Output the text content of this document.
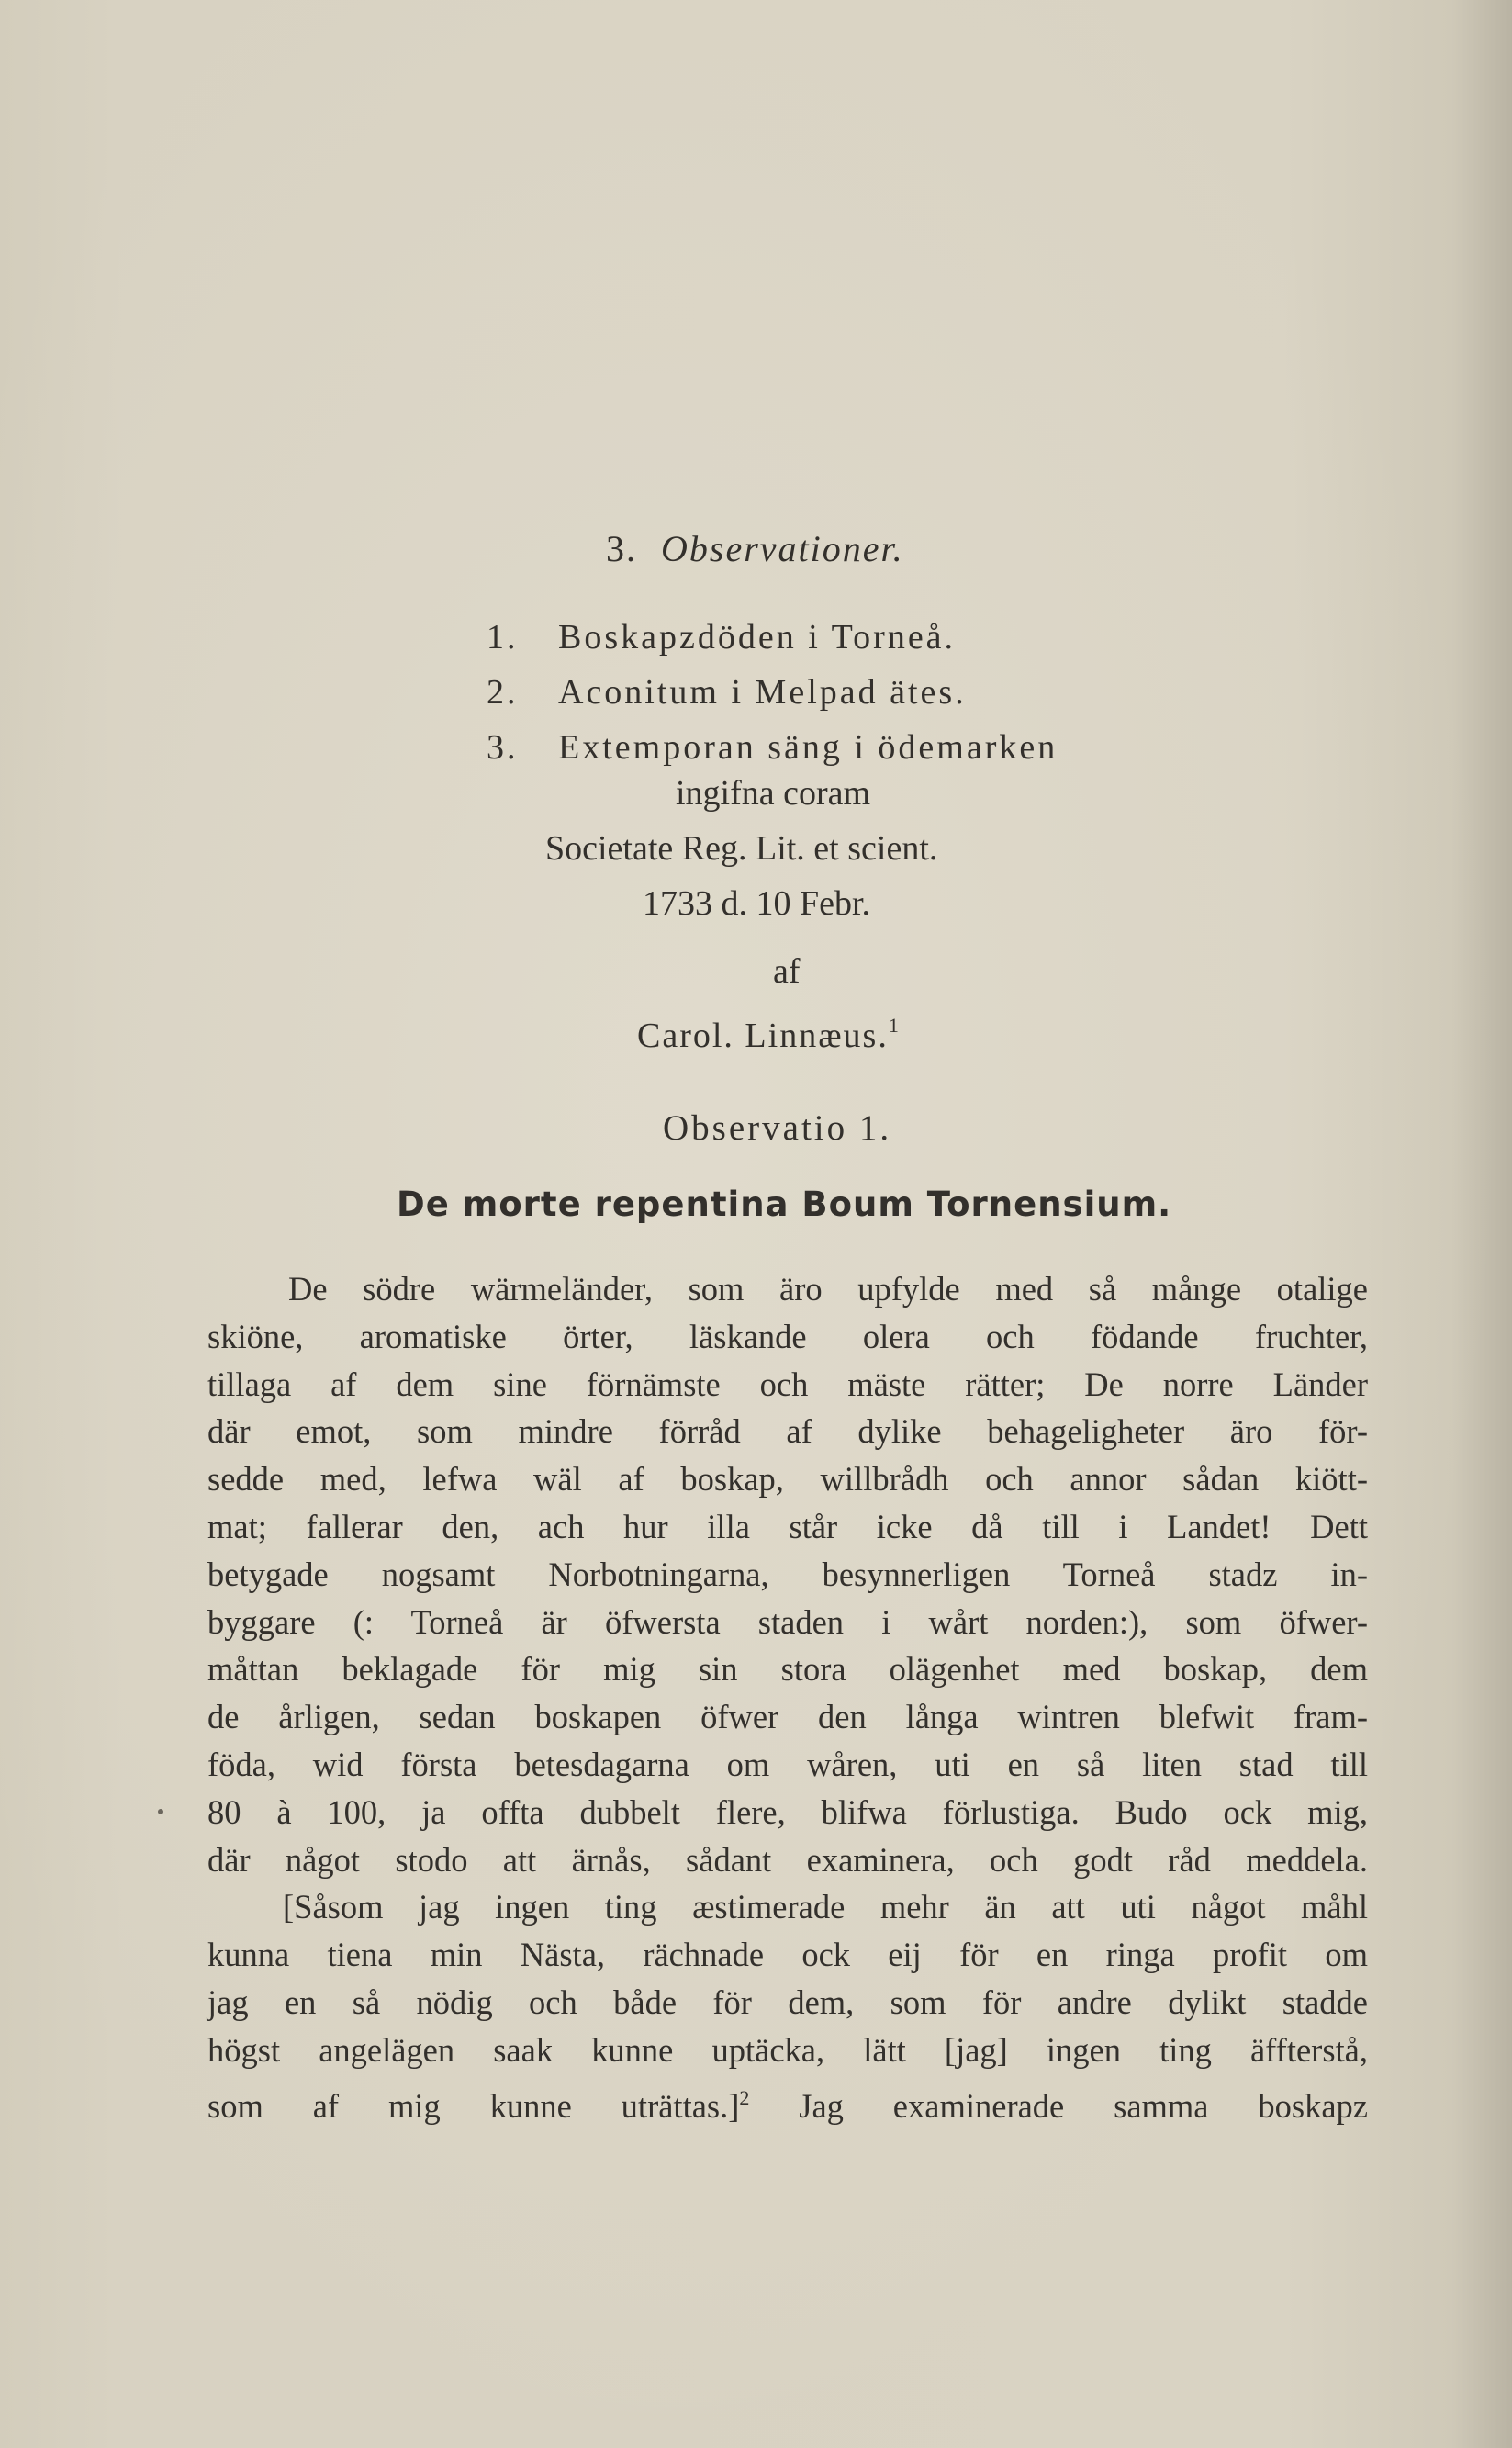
3. Observationer.
1. Boskapzdöden i Torneå.
2. Aconitum i Melpad ätes.
3. Extemporan säng i ödemarken
ingifna coram
Societate Reg. Lit. et scient.
1733 d. 10 Febr.
af
Carol. Linnæus.$^1$
Observatio 1.
De morte repentina Boum Tornensium.
De södre wärmeländer, som äro upfylde med så månge otalige
skiöne, aromatiske örter, läskande olera och födande fruchter,
tillaga af dem sine förnämste och mäste rätter; De norre Länder
där emot, som mindre förråd af dylike behageligheter äro för-
sedde med, lefwa wäl af boskap, willbrådh och annor sådan kiött-
mat; fallerar den, ach hur illa står icke då till i Landet! Dett
betygade nogsamt Norbotningarna, besynnerligen Torneå stadz in-
byggare (: Torneå är öfwersta staden i wårt norden:), som öfwer-
måttan beklagade för mig sin stora olägenhet med boskap, dem
de årligen, sedan boskapen öfwer den långa wintren blefwit fram-
föda, wid första betesdagarna om wåren, uti en så liten stad till
80 à 100, ja offta dubbelt flere, blifwa förlustiga. Budo ock mig,
där något stodo att ärnås, sådant examinera, och godt råd meddela.
[Såsom jag ingen ting æstimerade mehr än att uti något måhl
kunna tiena min Nästa, rächnade ock eij för en ringa profit om
jag en så nödig och både för dem, som för andre dylikt stadde
högst angelägen saak kunne uptäcka, lätt [jag] ingen ting äffterstå,
som af mig kunne uträttas.]$^2$ Jag examinerade samma boskapz
